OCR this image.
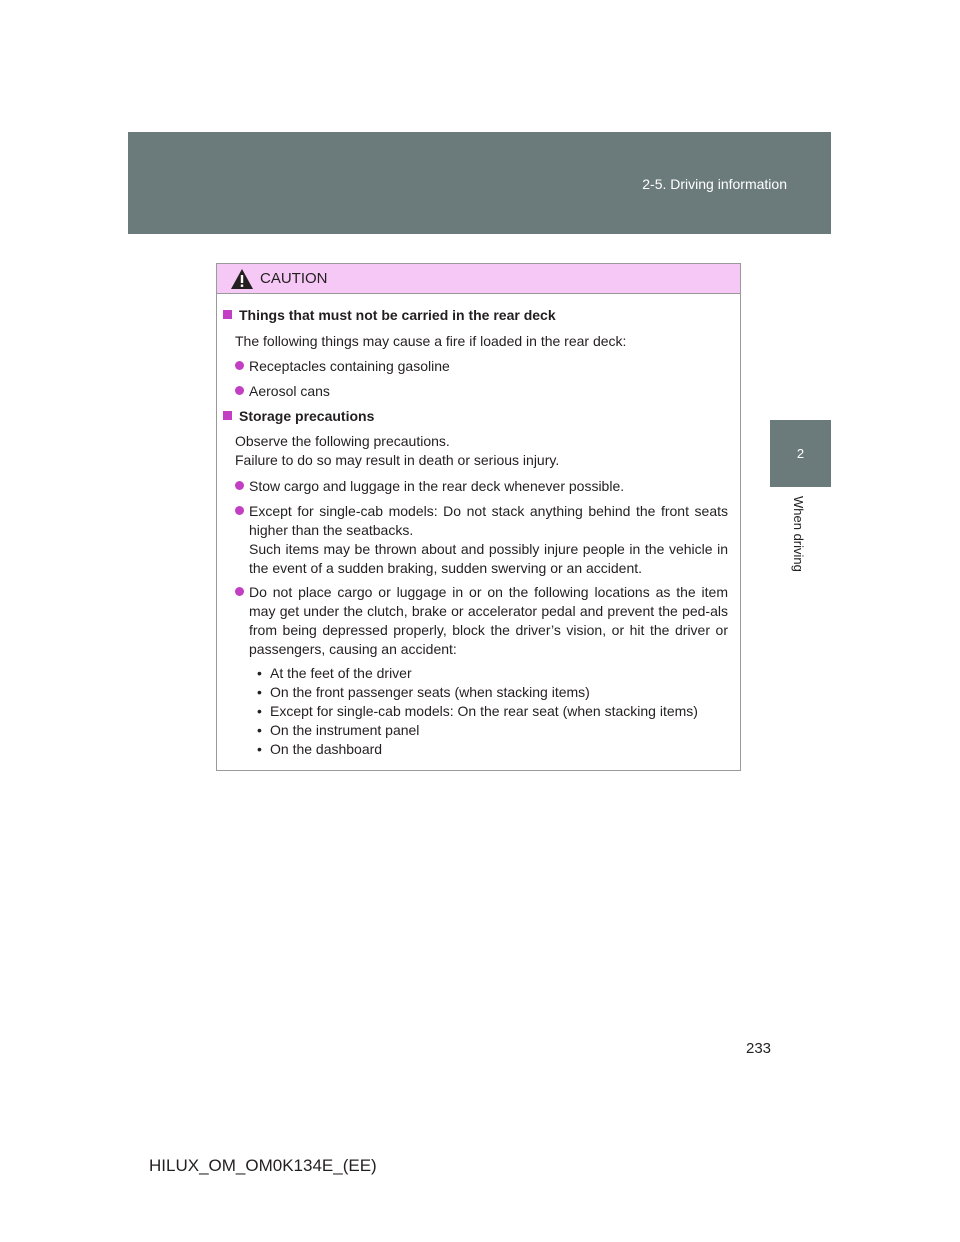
2-5. Driving information
2
When driving
CAUTION
Things that must not be carried in the rear deck
The following things may cause a fire if loaded in the rear deck:
Receptacles containing gasoline
Aerosol cans
Storage precautions
Observe the following precautions.
Failure to do so may result in death or serious injury.
Stow cargo and luggage in the rear deck whenever possible.
Except for single-cab models: Do not stack anything behind the front seats higher than the seatbacks.
Such items may be thrown about and possibly injure people in the vehicle in the event of a sudden braking, sudden swerving or an accident.
Do not place cargo or luggage in or on the following locations as the item may get under the clutch, brake or accelerator pedal and prevent the ped-als from being depressed properly, block the driver’s vision, or hit the driver or passengers, causing an accident:
• At the feet of the driver
• On the front passenger seats (when stacking items)
• Except for single-cab models: On the rear seat (when stacking items)
• On the instrument panel
• On the dashboard
233
HILUX_OM_OM0K134E_(EE)
